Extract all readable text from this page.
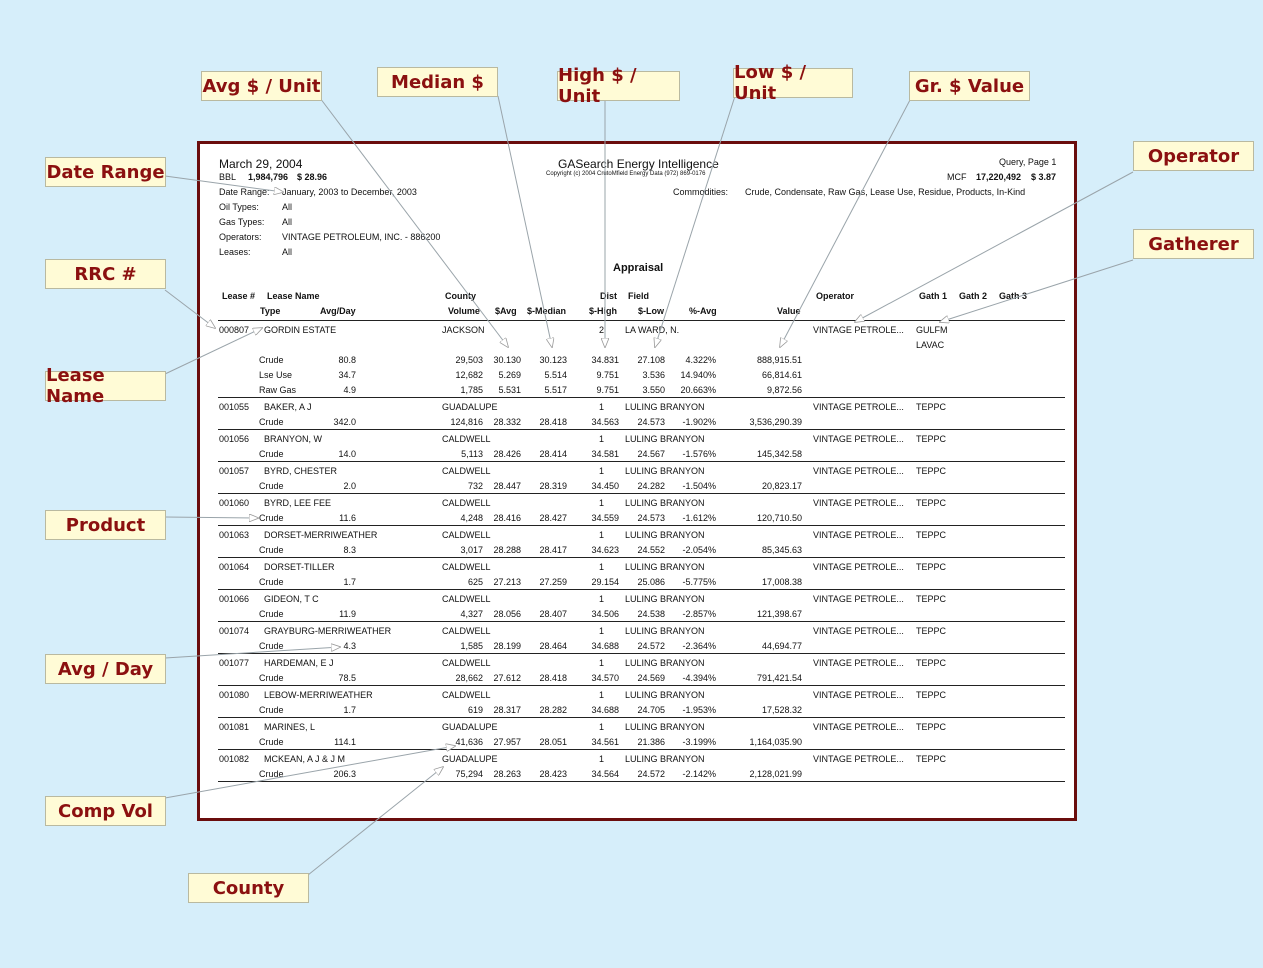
March 29, 2004
BBL 1,984,796 $ 28.96
GASearch Energy Intelligence
Copyright (c) 2004 CrutoMfield Energy Data (972) 869-0176
Query, Page 1
MCF 17,220,492 $ 3.87
Commodities: Crude, Condensate, Raw Gas, Lease Use, Residue, Products, In-Kind
Date Range: January, 2003 to December, 2003
Oil Types:	All
Gas Types: All
Operators: VINTAGE PETROLEUM, INC. - 886200
Leases:	All
Appraisal
Lease # Lease Name	County	Dist Field	Operator	Gath 1 Gath 2 Gath 3
Type	Avg/Day	Volume $Avg $-Median	$-High $-Low	%-Avg	Value
000807 GORDIN ESTATE	JACKSON	2 LA WARD, N.	VINTAGE PETROLE... GULFM
LAVAC
Crude	80.8	29,503	30.130	30.123	34.831	27.108	4.322%	888,915.51
Lse Use	34.7	12,682	5.269	5.514	9.751	3.536	14.940%	66,814.61
Raw Gas	4.9	1,785	5.531	5.517	9.751	3.550	20.663%	9,872.56
001055 BAKER, A J	GUADALUPE	1 LULING BRANYON	VINTAGE PETROLE... TEPPC
Crude	342.0	124,816	28.332	28.418	34.563	24.573	-1.902%	3,536,290.39
001056 BRANYON, W	CALDWELL	1 LULING BRANYON	VINTAGE PETROLE... TEPPC
Crude	14.0	5,113	28.426	28.414	34.581	24.567	-1.576%	145,342.58
001057 BYRD, CHESTER	CALDWELL	1 LULING BRANYON	VINTAGE PETROLE... TEPPC
Crude	2.0	732	28.447	28.319	34.450	24.282	-1.504%	20,823.17
001060 BYRD, LEE FEE	CALDWELL	1 LULING BRANYON	VINTAGE PETROLE... TEPPC
Crude	11.6	4,248	28.416	28.427	34.559	24.573	-1.612%	120,710.50
001063 DORSET-MERRIWEATHER	CALDWELL	1 LULING BRANYON	VINTAGE PETROLE... TEPPC
Crude	8.3	3,017	28.288	28.417	34.623	24.552	-2.054%	85,345.63
001064 DORSET-TILLER	CALDWELL	1 LULING BRANYON	VINTAGE PETROLE... TEPPC
Crude	1.7	625	27.213	27.259	29.154	25.086	-5.775%	17,008.38
001066 GIDEON, T C	CALDWELL	1 LULING BRANYON	VINTAGE PETROLE... TEPPC
Crude	11.9	4,327	28.056	28.407	34.506	24.538	-2.857%	121,398.67
001074 GRAYBURG-MERRIWEATHER	CALDWELL	1 LULING BRANYON	VINTAGE PETROLE... TEPPC
Crude	4.3	1,585	28.199	28.464	34.688	24.572	-2.364%	44,694.77
001077 HARDEMAN, E J	CALDWELL	1 LULING BRANYON	VINTAGE PETROLE... TEPPC
Crude	78.5	28,662	27.612	28.418	34.570	24.569	-4.394%	791,421.54
001080 LEBOW-MERRIWEATHER	CALDWELL	1 LULING BRANYON	VINTAGE PETROLE... TEPPC
Crude	1.7	619	28.317	28.282	34.688	24.705	-1.953%	17,528.32
001081 MARINES, L	GUADALUPE	1 LULING BRANYON	VINTAGE PETROLE... TEPPC
Crude	114.1	41,636	27.957	28.051	34.561	21.386	-3.199%	1,164,035.90
001082 MCKEAN, A J & J M	GUADALUPE	1 LULING BRANYON	VINTAGE PETROLE... TEPPC
Crude	206.3	75,294	28.263	28.423	34.564	24.572	-2.142%	2,128,021.99
Avg $ / Unit	Median $	High $ / Unit
Low $ / Unit	Gr. $ Value
Operator
Date Range
Gatherer
RRC #
Lease Name
Product
Avg / Day
Comp Vol
County
